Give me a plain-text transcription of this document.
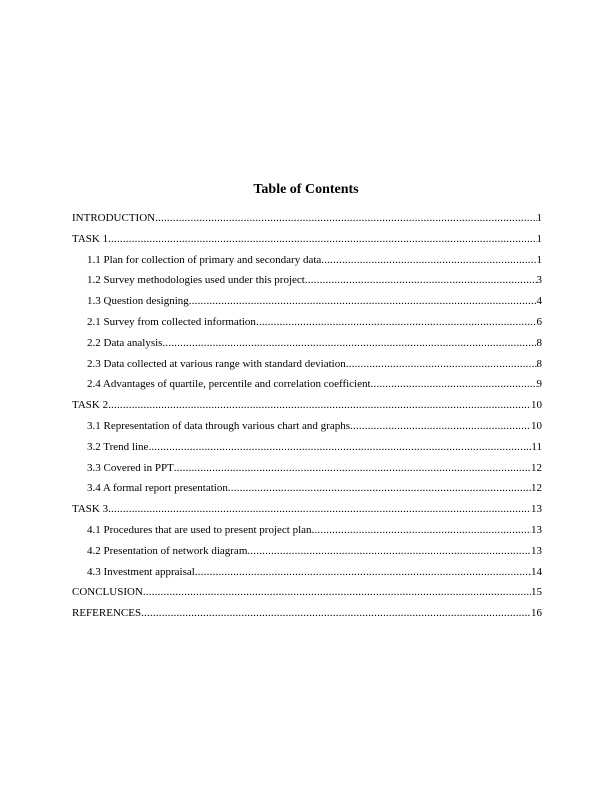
Table of Contents
INTRODUCTION .....	1
TASK 1 .....	1
1.1 Plan for collection of primary and secondary data .....	1
1.2 Survey methodologies used under this project .....	3
1.3 Question designing .....	4
2.1 Survey from collected information .....	6
2.2 Data analysis .....	8
2.3 Data collected at various range with standard deviation .....	8
2.4 Advantages of quartile, percentile and correlation coefficient .....	9
TASK 2 .....	10
3.1 Representation of data through various chart and graphs .....	10
3.2 Trend line .....	11
3.3 Covered in PPT .....	12
3.4 A formal report presentation .....	12
TASK 3 .....	13
4.1 Procedures that are used to present project plan .....	13
4.2 Presentation of network diagram .....	13
4.3 Investment appraisal .....	14
CONCLUSION .....	15
REFERENCES .....	16
